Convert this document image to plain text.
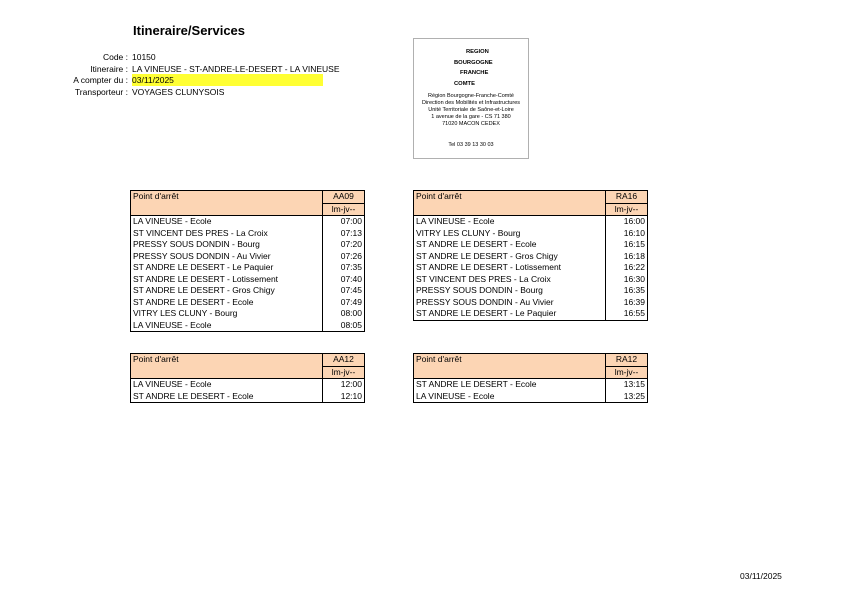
Itineraire/Services
Code : 10150
Itineraire : LA VINEUSE - ST-ANDRE-LE-DESERT - LA VINEUSE
A compter du : 03/11/2025
Transporteur : VOYAGES CLUNYSOIS
REGION
BOURGOGNE
FRANCHE
COMTE
Région Bourgogne-Franche-Comté
Direction des Mobilités et Infrastructures
Unité Territoriale de Saône-et-Loire
1 avenue de la gare - CS 71 380
71020 MACON CEDEX
Tel 03 39 13 30 03
Point d'arrêt	AA09
	lm-jv--
LA VINEUSE - Ecole	07:00
ST VINCENT DES PRES - La Croix	07:13
PRESSY SOUS DONDIN - Bourg	07:20
PRESSY SOUS DONDIN - Au Vivier	07:26
ST ANDRE LE DESERT - Le Paquier	07:35
ST ANDRE LE DESERT - Lotissement	07:40
ST ANDRE LE DESERT - Gros Chigy	07:45
ST ANDRE LE DESERT - Ecole	07:49
VITRY LES CLUNY - Bourg	08:00
LA VINEUSE - Ecole	08:05
Point d'arrêt	RA16
	lm-jv--
LA VINEUSE - Ecole	16:00
VITRY LES CLUNY - Bourg	16:10
ST ANDRE LE DESERT - Ecole	16:15
ST ANDRE LE DESERT - Gros Chigy	16:18
ST ANDRE LE DESERT - Lotissement	16:22
ST VINCENT DES PRES - La Croix	16:30
PRESSY SOUS DONDIN - Bourg	16:35
PRESSY SOUS DONDIN - Au Vivier	16:39
ST ANDRE LE DESERT - Le Paquier	16:55
Point d'arrêt	AA12
	lm-jv--
LA VINEUSE - Ecole	12:00
ST ANDRE LE DESERT - Ecole	12:10
Point d'arrêt	RA12
	lm-jv--
ST ANDRE LE DESERT - Ecole	13:15
LA VINEUSE - Ecole	13:25
03/11/2025
